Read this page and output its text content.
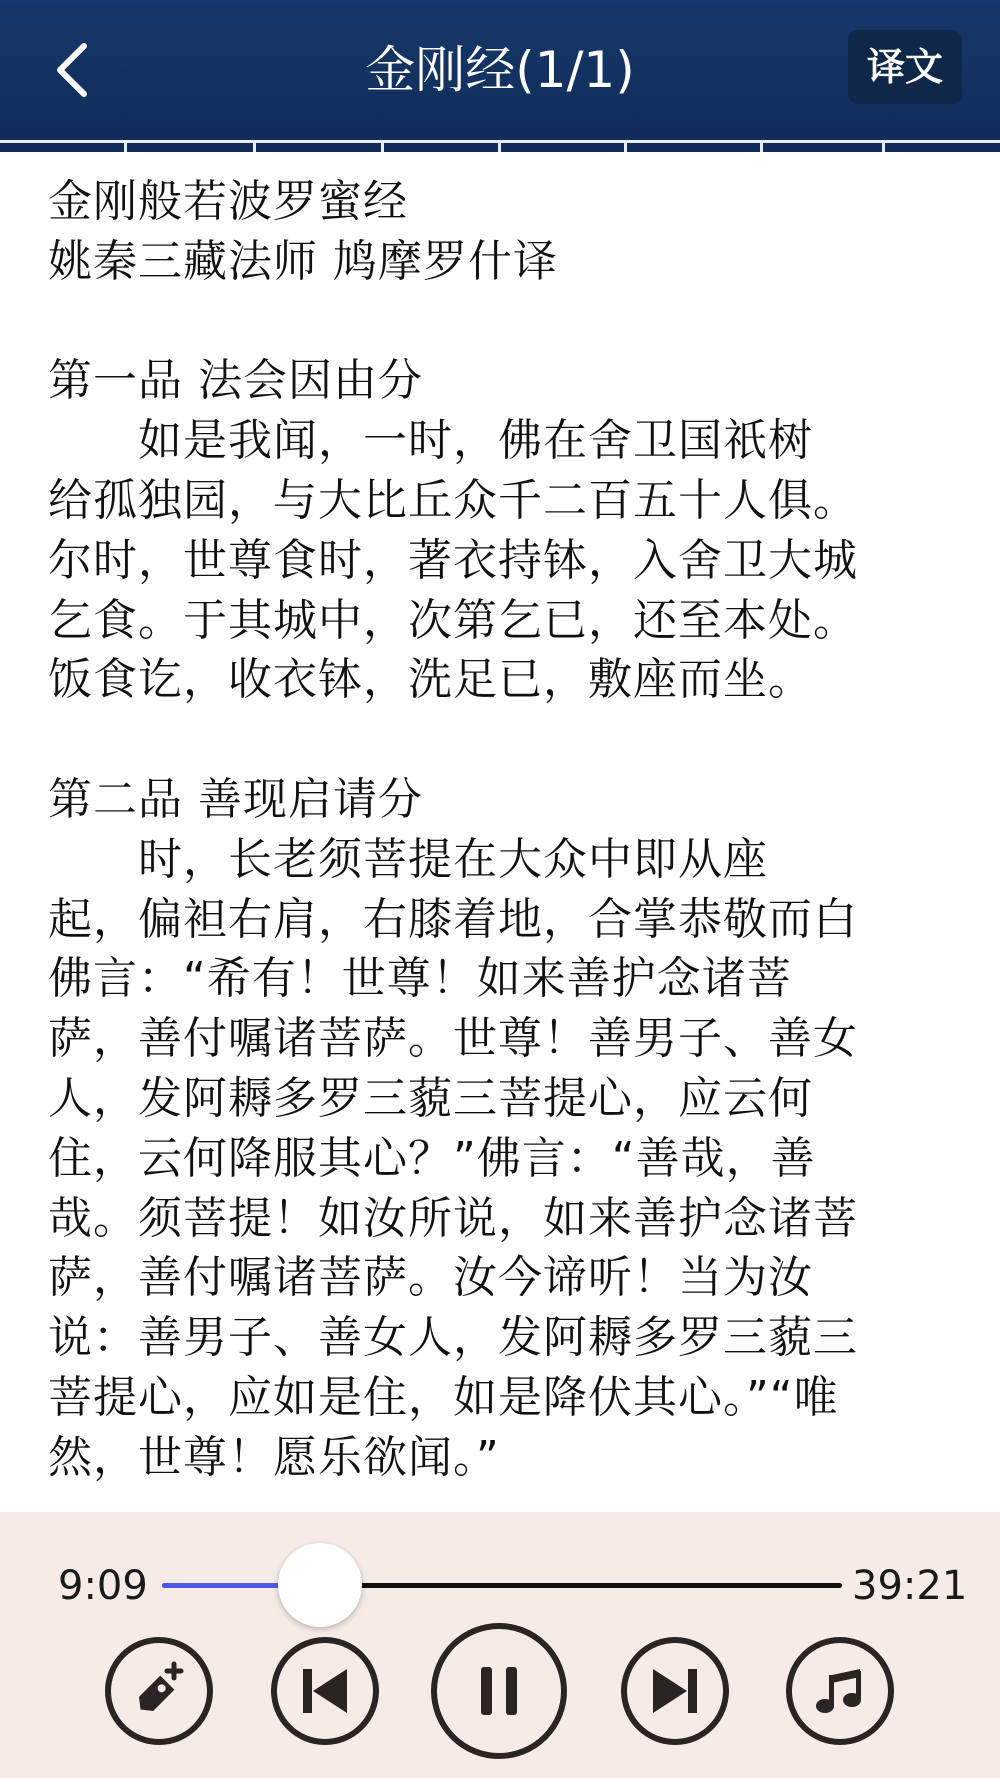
金刚经(1/1)	译文
金刚般若波罗蜜经
姚秦三藏法师 鸠摩罗什译
第一品 法会因由分
　　如是我闻，一时，佛在舍卫国祇树
给孤独园，与大比丘众千二百五十人俱。
尔时，世尊食时，著衣持钵，入舍卫大城
乞食。于其城中，次第乞已，还至本处。
饭食讫，收衣钵，洗足已，敷座而坐。
第二品 善现启请分
　　时，长老须菩提在大众中即从座
起，偏袒右肩，右膝着地，合掌恭敬而白
佛言：“希有！世尊！如来善护念诸菩
萨，善付嘱诸菩萨。世尊！善男子、善女
人，发阿耨多罗三藐三菩提心，应云何
住，云何降服其心？”佛言：“善哉，善
哉。须菩提！如汝所说，如来善护念诸菩
萨，善付嘱诸菩萨。汝今谛听！当为汝
说：善男子、善女人，发阿耨多罗三藐三
菩提心，应如是住，如是降伏其心。”“唯
然，世尊！愿乐欲闻。”
9:09	39:21
